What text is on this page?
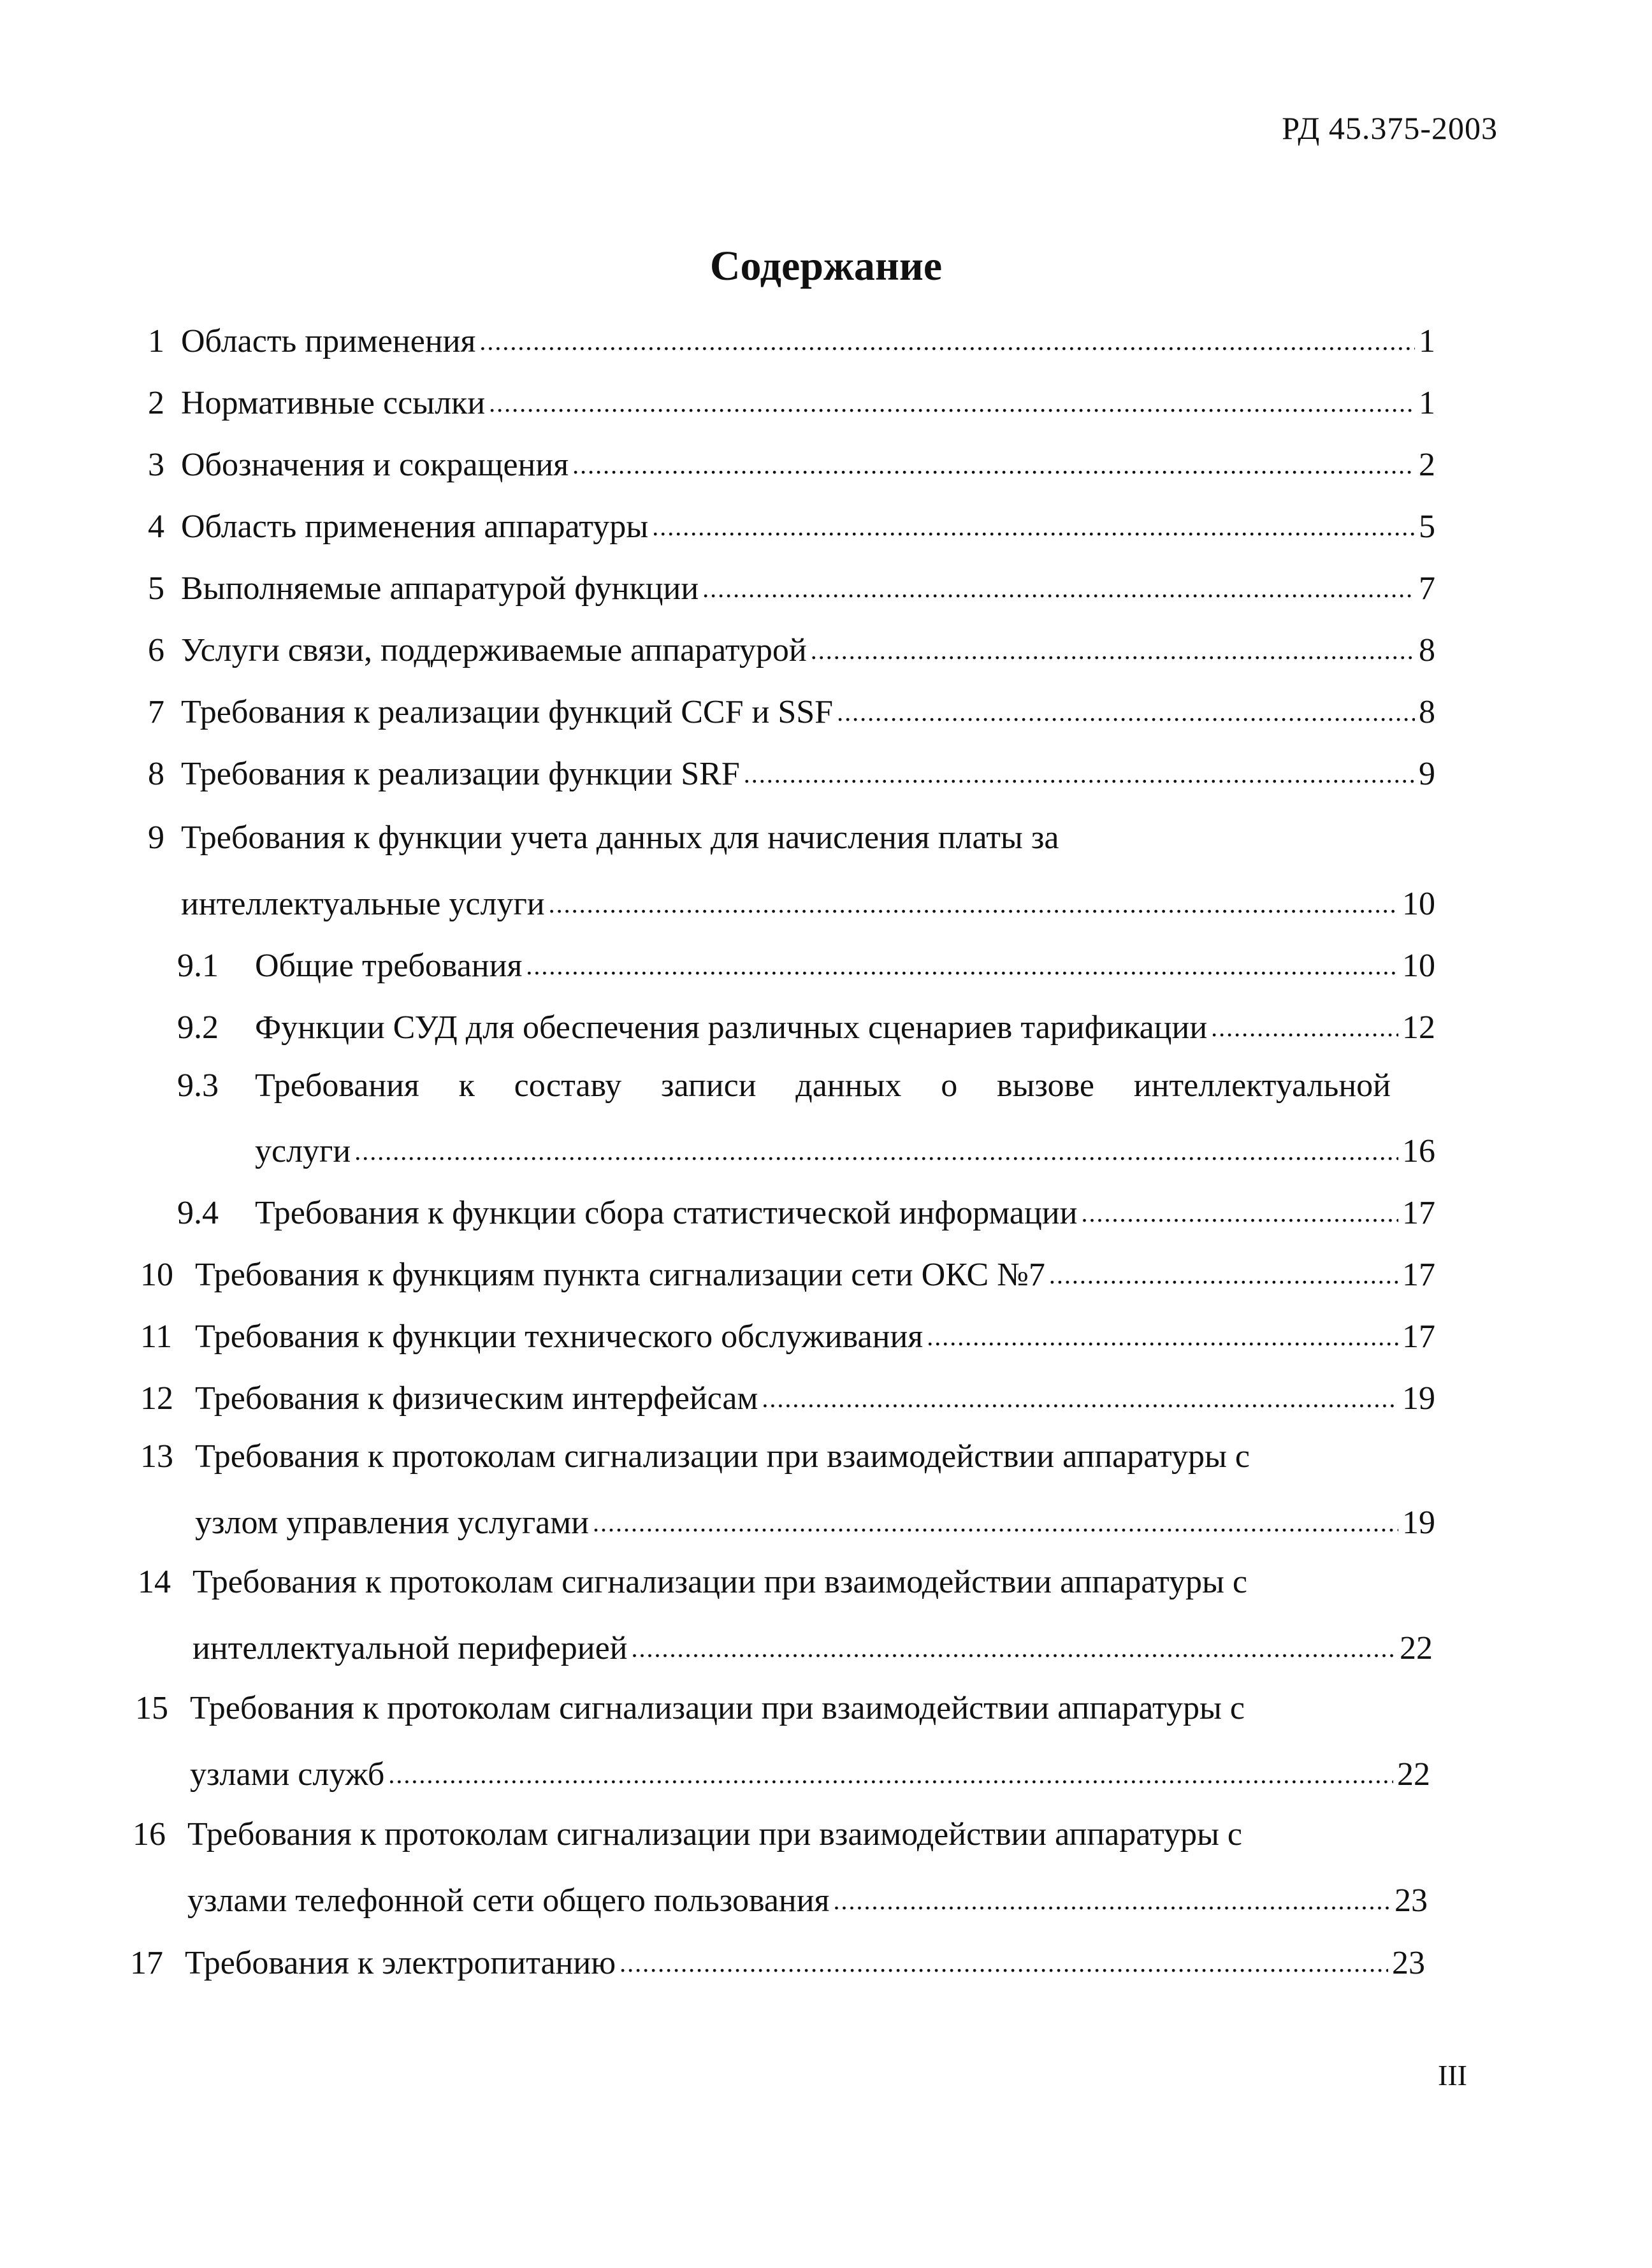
РД 45.375-2003
Содержание
1 Область применения .....	1
2 Нормативные ссылки .....	1
3 Обозначения и сокращения .....	2
4 Область применения аппаратуры .....	5
5 Выполняемые аппаратурой функции .....	7
6 Услуги связи, поддерживаемые аппаратурой .....	8
7 Требования к реализации функций CCF и SSF .....	8
8 Требования к реализации функции SRF .....	9
9 Требования к функции учета данных для начисления платы за
интеллектуальные услуги .....	10
9.1	Общие требования .....	10
9.2	Функции СУД для обеспечения различных сценариев тарификации .....	12
9.3	Требования к составу записи данных о вызове интеллектуальной
услуги .....	16
9.4	Требования к функции сбора статистической информации .....	17
10 Требования к функциям пункта сигнализации сети ОКС №7 .....	17
11 Требования к функции технического обслуживания .....	17
12 Требования к физическим интерфейсам .....	19
13 Требования к протоколам сигнализации при взаимодействии аппаратуры с
узлом управления услугами .....	19
14 Требования к протоколам сигнализации при взаимодействии аппаратуры с
интеллектуальной периферией .....	22
15 Требования к протоколам сигнализации при взаимодействии аппаратуры с
узлами служб .....	22
16 Требования к протоколам сигнализации при взаимодействии аппаратуры с
узлами телефонной сети общего пользования .....	23
17 Требования к электропитанию .....	23
III
